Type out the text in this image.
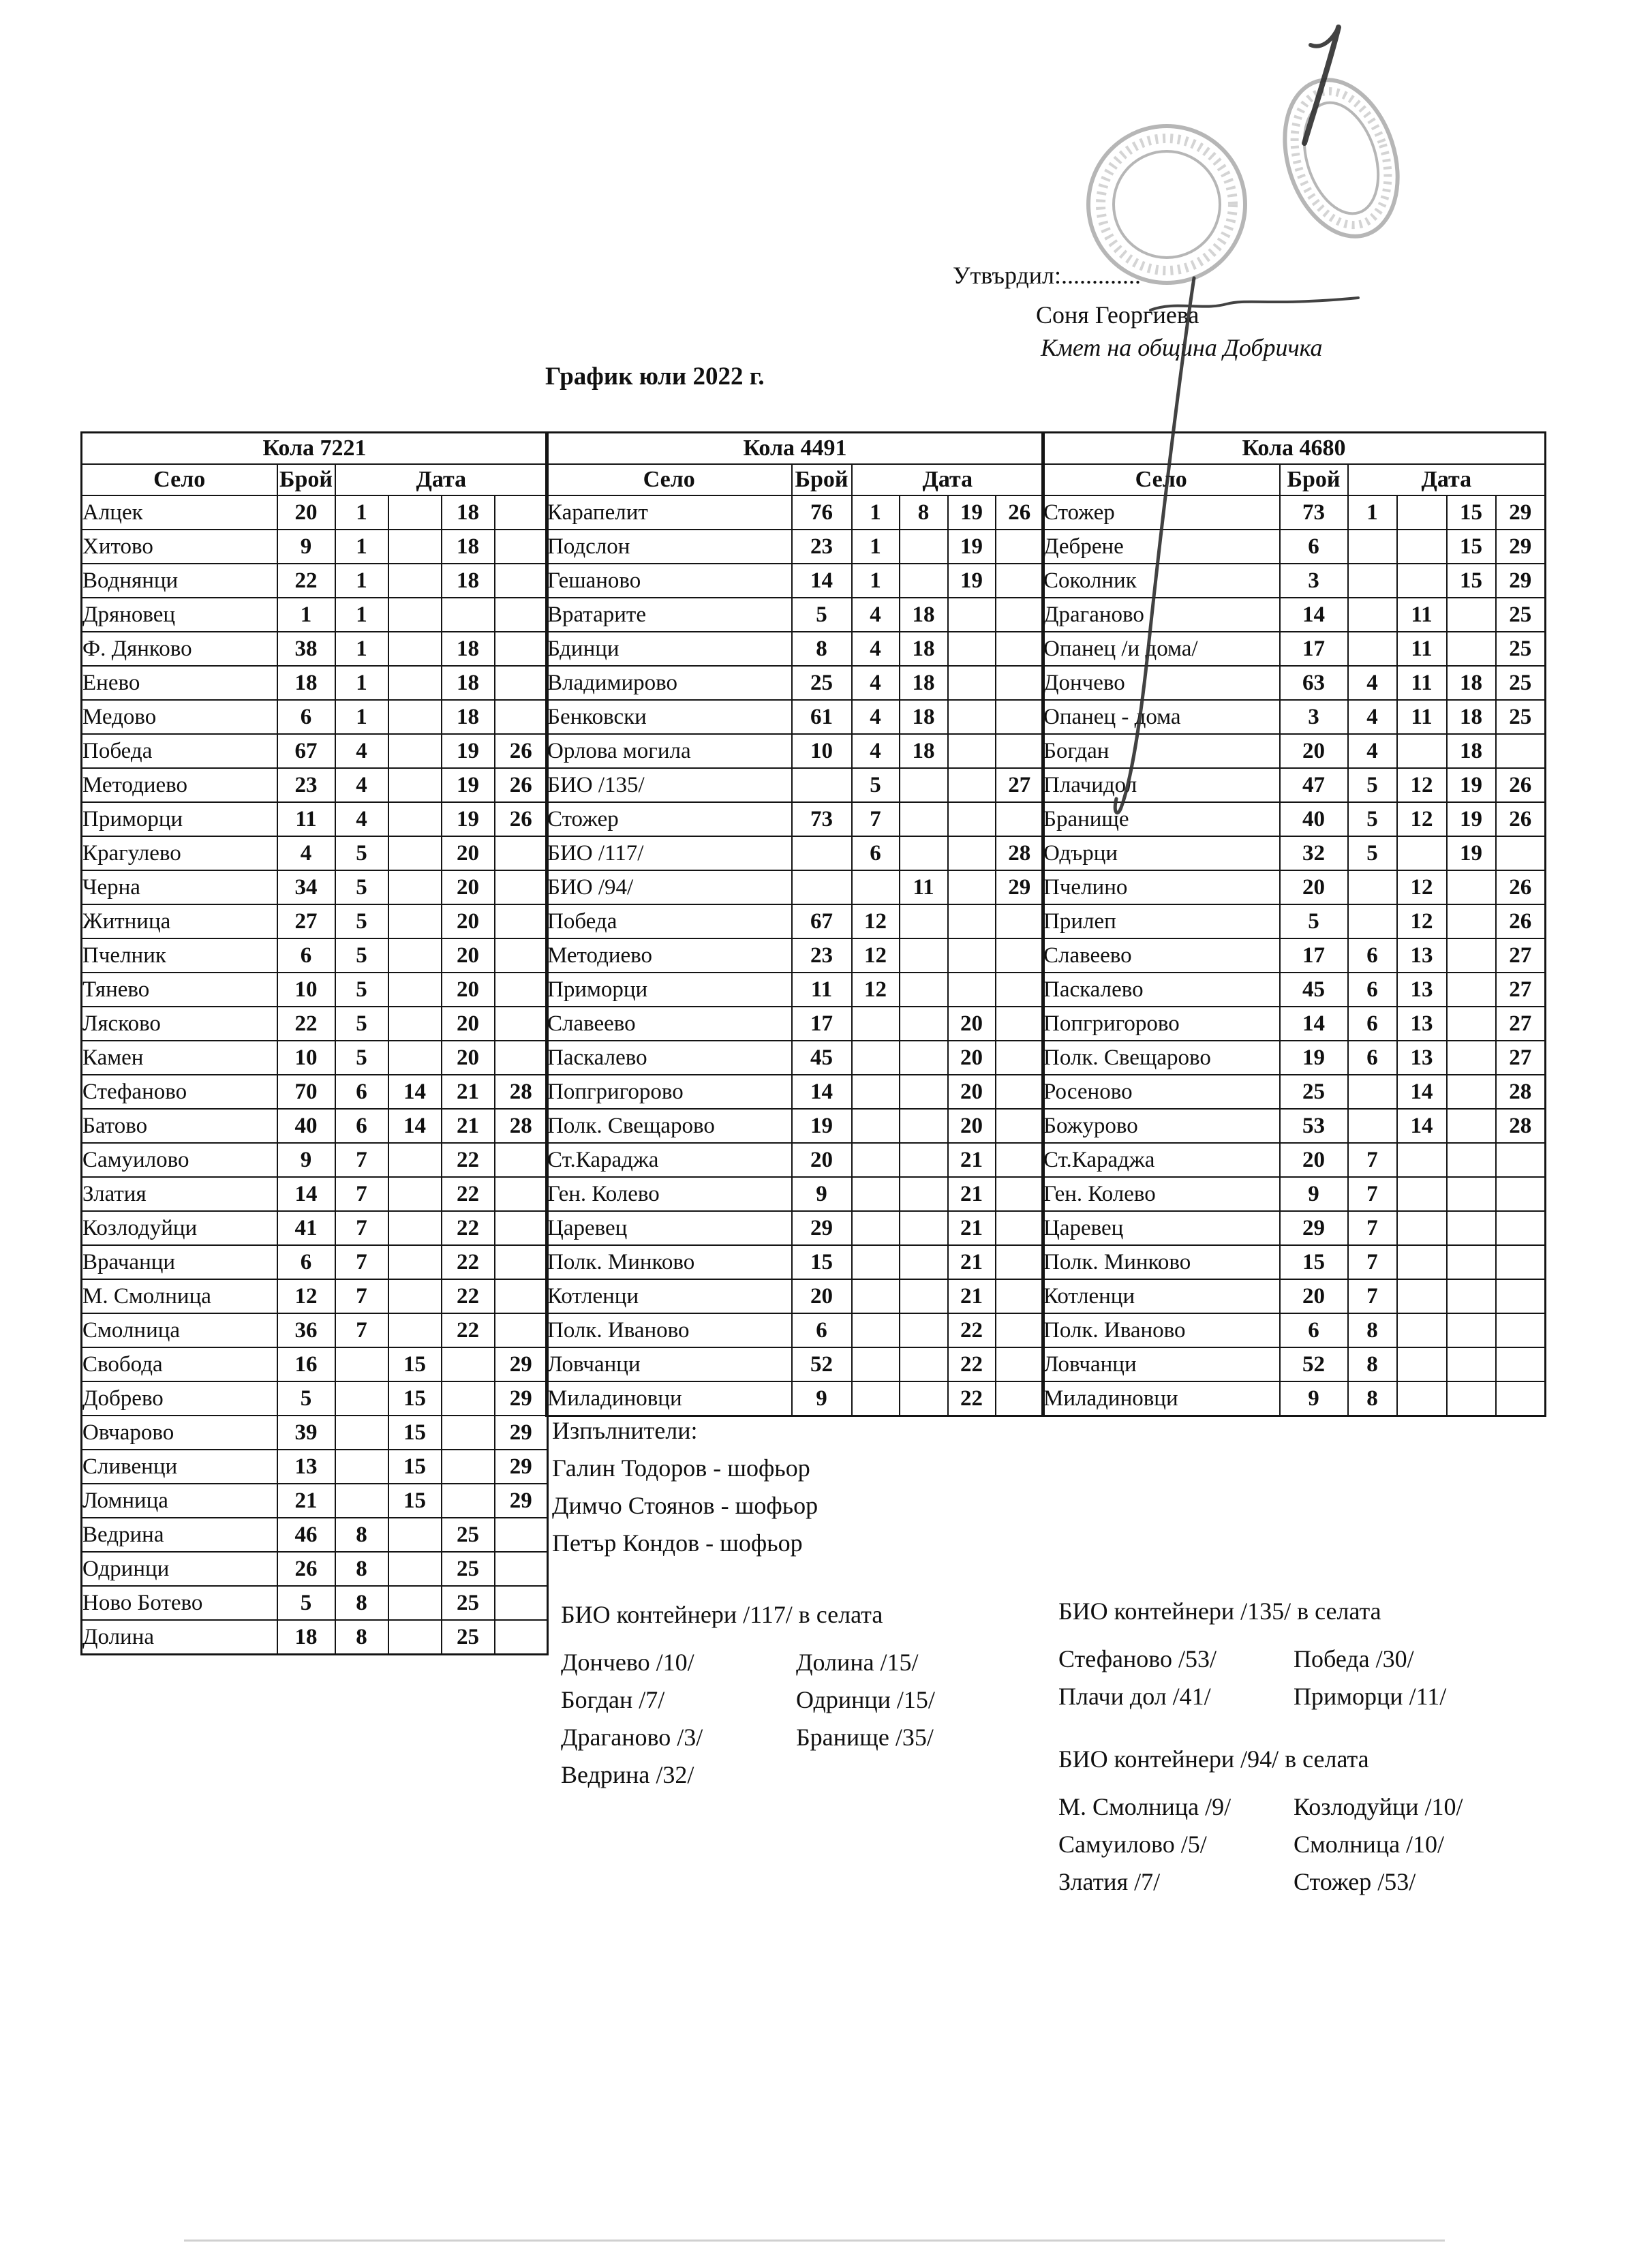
Утвърдил:.............
Соня Георгиева
Кмет на община Добричка
График юли 2022 г.
Кола 7221					
Село	Брой	Дата			
Алцек	20	1		18	
Хитово	9	1		18	
Воднянци	22	1		18	
Дряновец	1	1			
Ф. Дянково	38	1		18	
Енево	18	1		18	
Медово	6	1		18	
Победа	67	4		19	26
Методиево	23	4		19	26
Приморци	11	4		19	26
Крагулево	4	5		20	
Черна	34	5		20	
Житница	27	5		20	
Пчелник	6	5		20	
Тянево	10	5		20	
Лясково	22	5		20	
Камен	10	5		20	
Стефаново	70	6	14	21	28
Батово	40	6	14	21	28
Самуилово	9	7		22	
Златия	14	7		22	
Козлодуйци	41	7		22	
Врачанци	6	7		22	
М. Смолница	12	7		22	
Смолница	36	7		22	
Свобода	16		15		29
Добрево	5		15		29
Овчарово	39		15		29
Сливенци	13		15		29
Ломница	21		15		29
Ведрина	46	8		25	
Одринци	26	8		25	
Ново Ботево	5	8		25	
Долина	18	8		25	
Кола 4491					
Село	Брой	Дата			
Карапелит	76	1	8	19	26
Подслон	23	1		19	
Гешаново	14	1		19	
Вратарите	5	4	18		
Бдинци	8	4	18		
Владимирово	25	4	18		
Бенковски	61	4	18		
Орлова могила	10	4	18		
БИО /135/		5			27
Стожер	73	7			
БИО /117/		6			28
БИО /94/			11		29
Победа	67	12			
Методиево	23	12			
Приморци	11	12			
Славеево	17			20	
Паскалево	45			20	
Попгригорово	14			20	
Полк. Свещарово	19			20	
Ст.Караджа	20			21	
Ген. Колево	9			21	
Царевец	29			21	
Полк. Минково	15			21	
Котленци	20			21	
Полк. Иваново	6			22	
Ловчанци	52			22	
Миладиновци	9			22	
Кола 4680					
Село	Брой	Дата			
Стожер	73	1		15	29
Дебрене	6			15	29
Соколник	3			15	29
Драганово	14		11		25
Опанец /и дома/	17		11		25
Дончево	63	4	11	18	25
Опанец - дома	3	4	11	18	25
Богдан	20	4		18	
Плачидол	47	5	12	19	26
Бранище	40	5	12	19	26
Одърци	32	5		19	
Пчелино	20		12		26
Прилеп	5		12		26
Славеево	17	6	13		27
Паскалево	45	6	13		27
Попгригорово	14	6	13		27
Полк. Свещарово	19	6	13		27
Росеново	25		14		28
Божурово	53		14		28
Ст.Караджа	20	7			
Ген. Колево	9	7			
Царевец	29	7			
Полк. Минково	15	7			
Котленци	20	7			
Полк. Иваново	6	8			
Ловчанци	52	8			
Миладиновци	9	8			
Изпълнители:
Галин Тодоров - шофьор
Димчо Стоянов - шофьор
Петър Кондов - шофьор
БИО контейнери /117/ в селата
Дончево /10/	Долина /15/
Богдан /7/	Одринци /15/
Драганово /3/	Бранище /35/
Ведрина /32/
БИО контейнери /135/ в селата
Стефаново /53/	Победа /30/
Плачи дол /41/	Приморци /11/
БИО контейнери /94/ в селата
М. Смолница /9/	Козлодуйци /10/
Самуилово /5/	Смолница /10/
Златия /7/	Стожер /53/
